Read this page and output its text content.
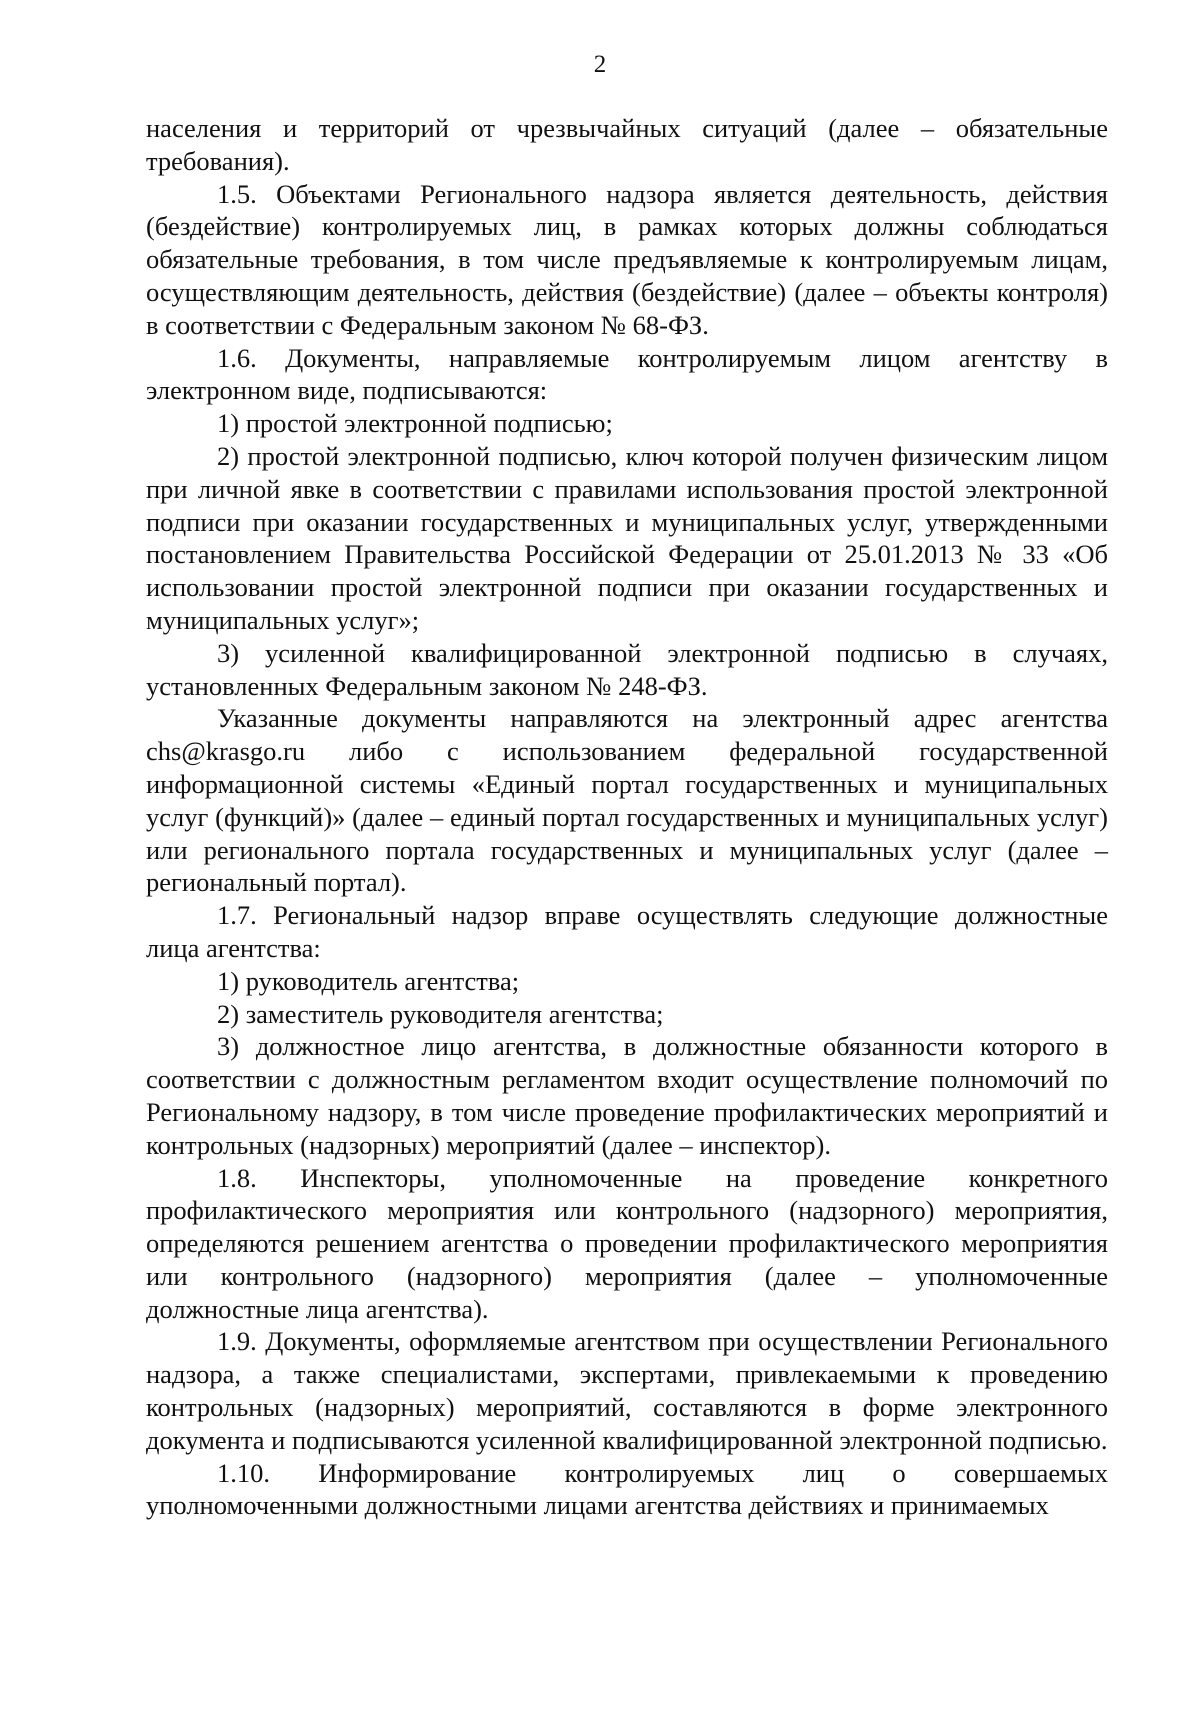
2

населения и территорий от чрезвычайных ситуаций (далее – обязательные требования).

1.5. Объектами Регионального надзора является деятельность, действия (бездействие) контролируемых лиц, в рамках которых должны соблюдаться обязательные требования, в том числе предъявляемые к контролируемым лицам, осуществляющим деятельность, действия (бездействие) (далее – объекты контроля) в соответствии с Федеральным законом № 68-ФЗ.

1.6. Документы, направляемые контролируемым лицом агентству в электронном виде, подписываются:

1) простой электронной подписью;

2) простой электронной подписью, ключ которой получен физическим лицом при личной явке в соответствии с правилами использования простой электронной подписи при оказании государственных и муниципальных услуг, утвержденными постановлением Правительства Российской Федерации от 25.01.2013 № 33 «Об использовании простой электронной подписи при оказании государственных и муниципальных услуг»;

3) усиленной квалифицированной электронной подписью в случаях, установленных Федеральным законом № 248-ФЗ.

Указанные документы направляются на электронный адрес агентства chs@krasgo.ru либо с использованием федеральной государственной информационной системы «Единый портал государственных и муниципальных услуг (функций)» (далее – единый портал государственных и муниципальных услуг) или регионального портала государственных и муниципальных услуг (далее – региональный портал).

1.7. Региональный надзор вправе осуществлять следующие должностные лица агентства:

1) руководитель агентства;

2) заместитель руководителя агентства;

3) должностное лицо агентства, в должностные обязанности которого в соответствии с должностным регламентом входит осуществление полномочий по Региональному надзору, в том числе проведение профилактических мероприятий и контрольных (надзорных) мероприятий (далее – инспектор).

1.8. Инспекторы, уполномоченные на проведение конкретного профилактического мероприятия или контрольного (надзорного) мероприятия, определяются решением агентства о проведении профилактического мероприятия или контрольного (надзорного) мероприятия (далее – уполномоченные должностные лица агентства).

1.9. Документы, оформляемые агентством при осуществлении Регионального надзора, а также специалистами, экспертами, привлекаемыми к проведению контрольных (надзорных) мероприятий, составляются в форме электронного документа и подписываются усиленной квалифицированной электронной подписью.

1.10. Информирование контролируемых лиц о совершаемых уполномоченными должностными лицами агентства действиях и принимаемых
